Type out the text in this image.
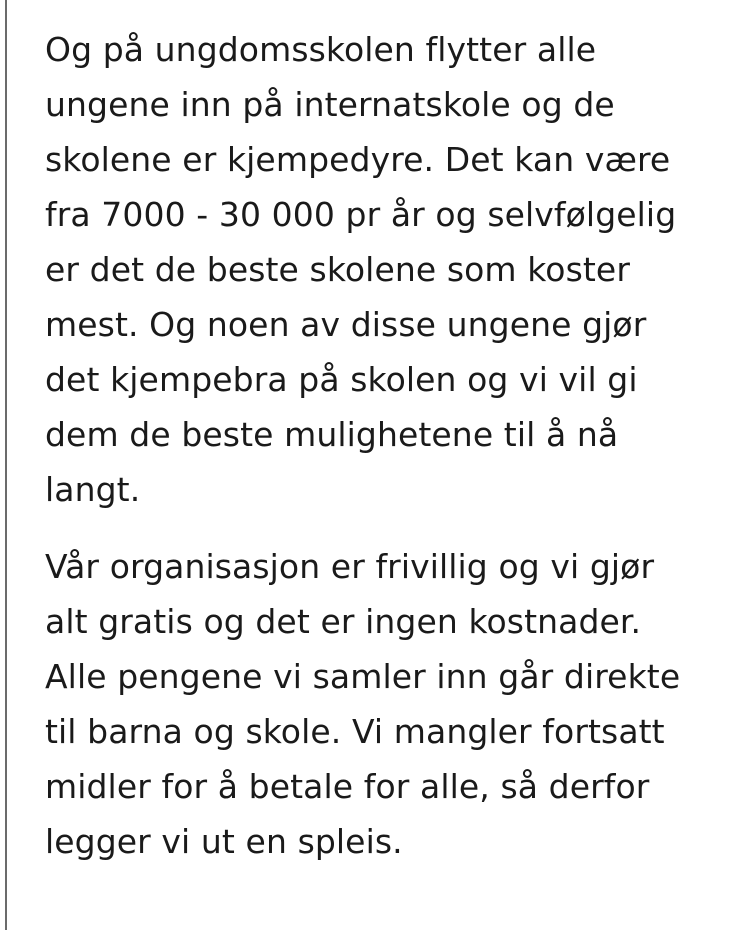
Og på ungdomsskolen flytter alle
ungene inn på internatskole og de
skolene er kjempedyre. Det kan være
fra 7000 - 30 000 pr år og selvfølgelig
er det de beste skolene som koster
mest. Og noen av disse ungene gjør
det kjempebra på skolen og vi vil gi
dem de beste mulighetene til å nå
langt.

Vår organisasjon er frivillig og vi gjør
alt gratis og det er ingen kostnader.
Alle pengene vi samler inn går direkte
til barna og skole. Vi mangler fortsatt
midler for å betale for alle, så derfor
legger vi ut en spleis.
